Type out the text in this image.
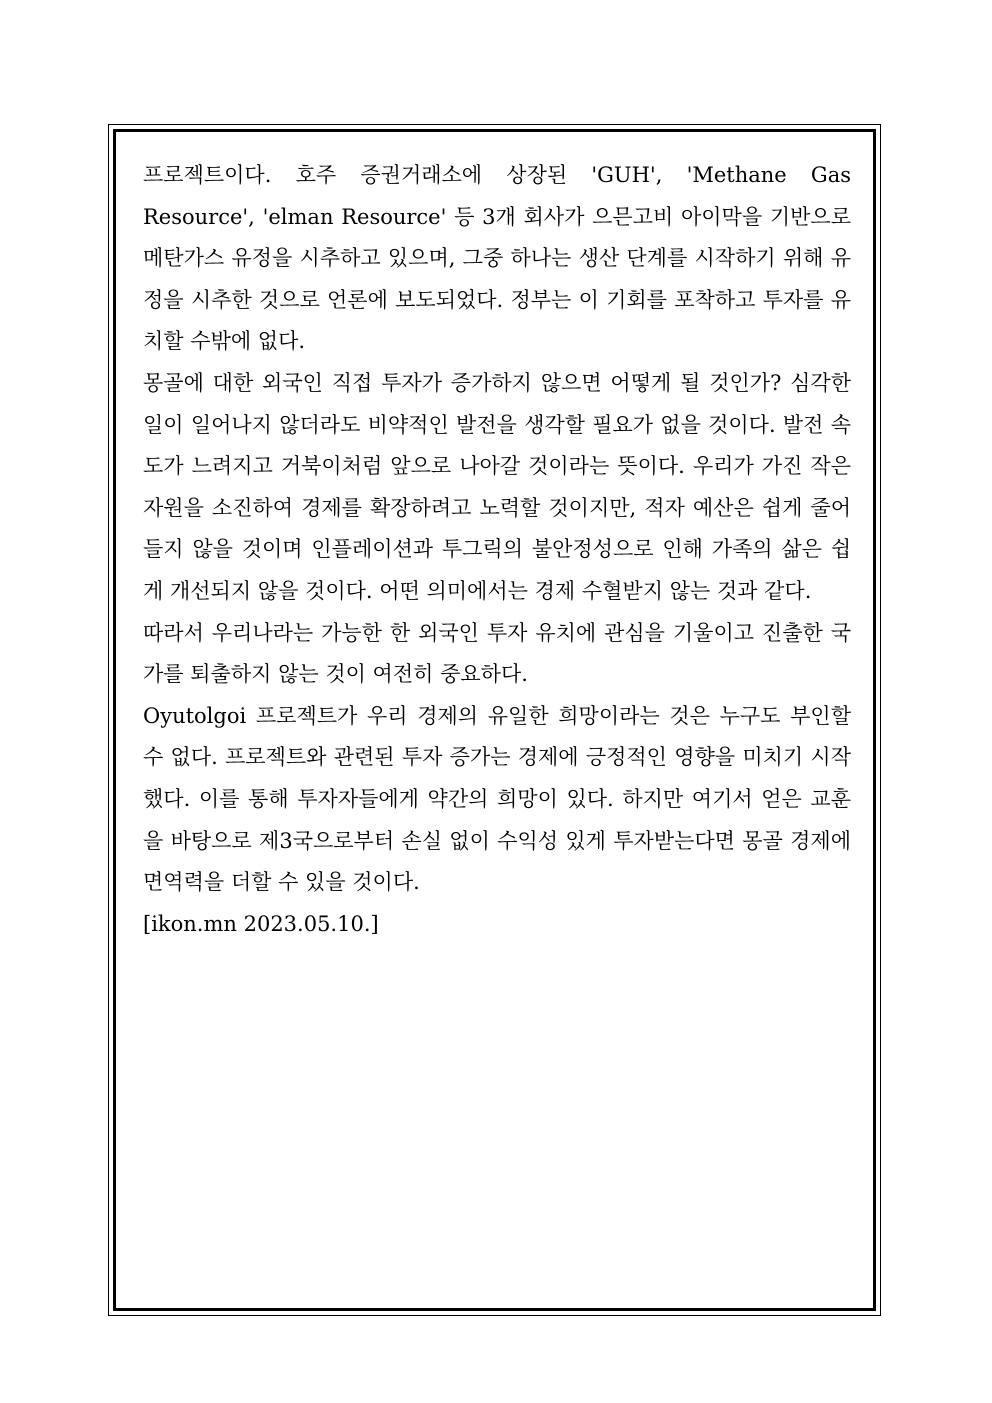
프로젝트이다. 호주 증권거래소에 상장된 'GUH', 'Methane Gas Resource', 'elman Resource' 등 3개 회사가 으믄고비 아이막을 기반으로 메탄가스 유정을 시추하고 있으며, 그중 하나는 생산 단계를 시작하기 위해 유정을 시추한 것으로 언론에 보도되었다. 정부는 이 기회를 포착하고 투자를 유치할 수밖에 없다.

몽골에 대한 외국인 직접 투자가 증가하지 않으면 어떻게 될 것인가? 심각한 일이 일어나지 않더라도 비약적인 발전을 생각할 필요가 없을 것이다. 발전 속도가 느려지고 거북이처럼 앞으로 나아갈 것이라는 뜻이다. 우리가 가진 작은 자원을 소진하여 경제를 확장하려고 노력할 것이지만, 적자 예산은 쉽게 줄어들지 않을 것이며 인플레이션과 투그릭의 불안정성으로 인해 가족의 삶은 쉽게 개선되지 않을 것이다. 어떤 의미에서는 경제 수혈받지 않는 것과 같다.

따라서 우리나라는 가능한 한 외국인 투자 유치에 관심을 기울이고 진출한 국가를 퇴출하지 않는 것이 여전히 중요하다.

Oyutolgoi 프로젝트가 우리 경제의 유일한 희망이라는 것은 누구도 부인할 수 없다. 프로젝트와 관련된 투자 증가는 경제에 긍정적인 영향을 미치기 시작했다. 이를 통해 투자자들에게 약간의 희망이 있다. 하지만 여기서 얻은 교훈을 바탕으로 제3국으로부터 손실 없이 수익성 있게 투자받는다면 몽골 경제에 면역력을 더할 수 있을 것이다.

[ikon.mn 2023.05.10.]
